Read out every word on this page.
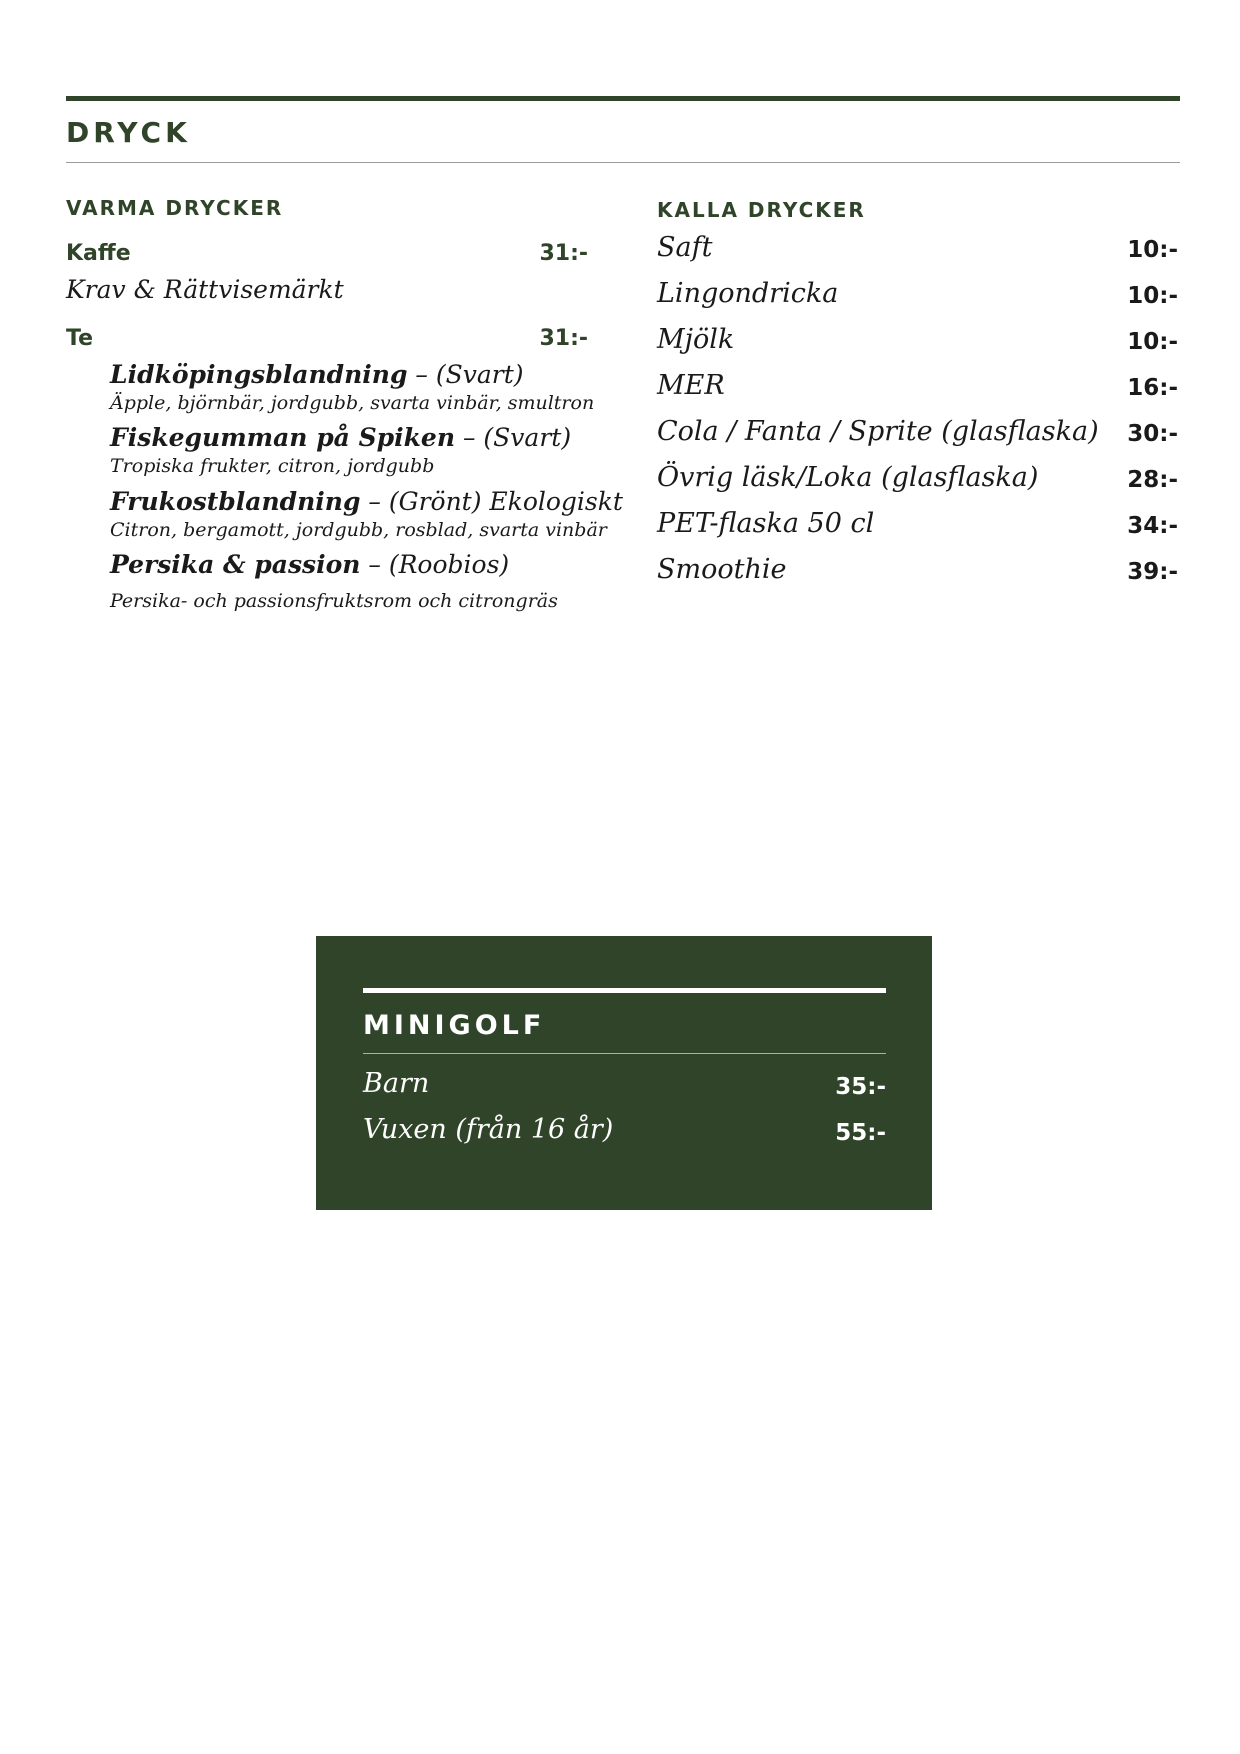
DRYCK
VARMA DRYCKER
Kaffe	31:-
Krav & Rättvisemärkt
Te	31:-
Lidköpingsblandning – (Svart)
Äpple, björnbär, jordgubb, svarta vinbär, smultron
Fiskegumman på Spiken – (Svart)
Tropiska frukter, citron, jordgubb
Frukostblandning – (Grönt) Ekologiskt
Citron, bergamott, jordgubb, rosblad, svarta vinbär
Persika & passion – (Roobios)
Persika- och passionsfruktsrom och citrongräs
KALLA DRYCKER
Saft	10:-
Lingondricka	10:-
Mjölk	10:-
MER	16:-
Cola / Fanta / Sprite (glasflaska)	30:-
Övrig läsk/Loka (glasflaska)	28:-
PET-flaska 50 cl	34:-
Smoothie	39:-
MINIGOLF
Barn	35:-
Vuxen (från 16 år)	55:-
